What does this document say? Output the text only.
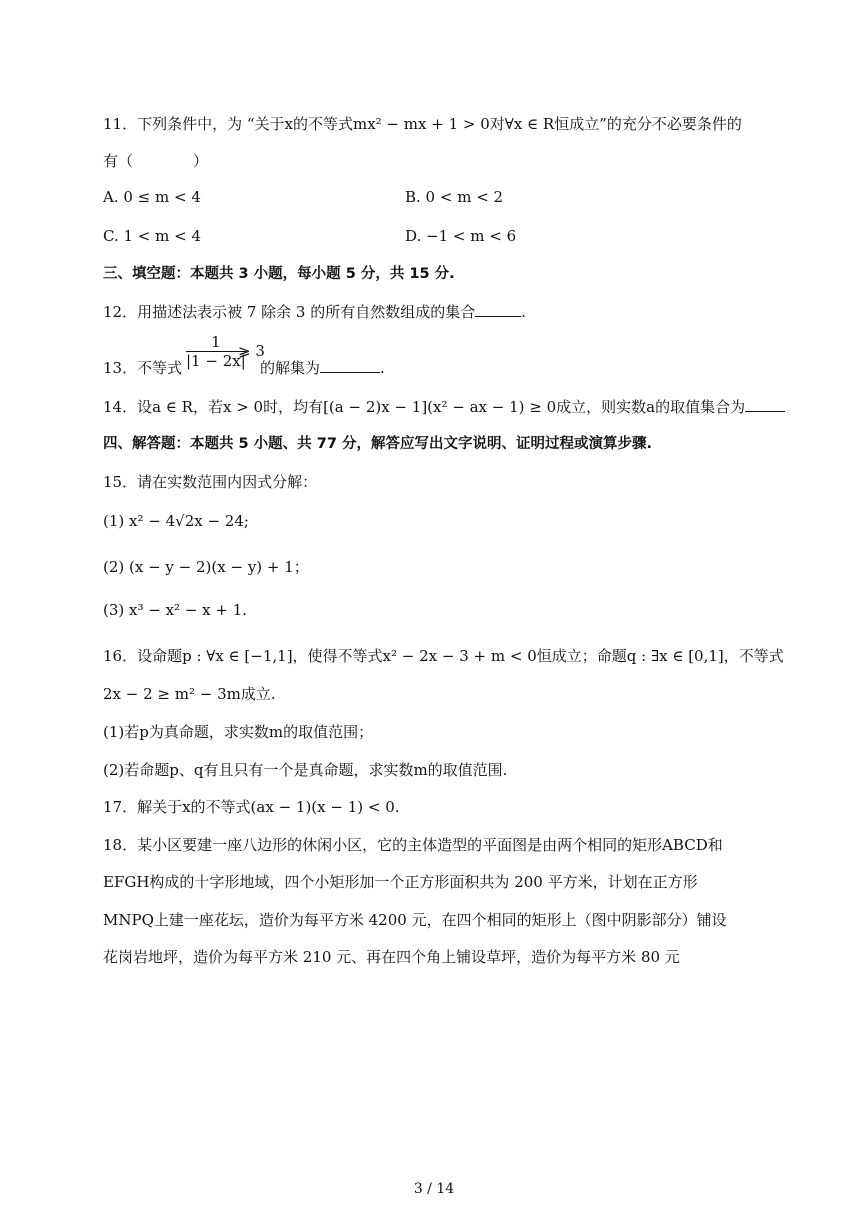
11．下列条件中，为 “关于x的不等式mx² − mx + 1 > 0对∀x ∈ R恒成立”的充分不必要条件的
有（　　　　）
A. 0 ≤ m < 4	B. 0 < m < 2
C. 1 < m < 4	D. −1 < m < 6
三、填空题：本题共 3 小题，每小题 5 分，共 15 分.
12．用描述法表示被 7 除余 3 的所有自然数组成的集合	.
$\frac{1}{|1 - 2x|}$
⩾ 3
13．不等式	的解集为	.
14．设a ∈ R，若x > 0时，均有[(a − 2)x − 1](x² − ax − 1) ≥ 0成立，则实数a的取值集合为
四、解答题：本题共 5 小题、共 77 分，解答应写出文字说明、证明过程或演算步骤.
15．请在实数范围内因式分解：
(1) x² − 4√2x − 24;
(2) (x − y − 2)(x − y) + 1；
(3) x³ − x² − x + 1.
16．设命题p : ∀x ∈ [−1,1]，使得不等式x² − 2x − 3 + m < 0恒成立；命题q : ∃x ∈ [0,1]，不等式
2x − 2 ≥ m² − 3m成立.
(1)若p为真命题，求实数m的取值范围；
(2)若命题p、q有且只有一个是真命题，求实数m的取值范围.
17．解关于x的不等式(ax − 1)(x − 1) < 0.
18．某小区要建一座八边形的休闲小区，它的主体造型的平面图是由两个相同的矩形ABCD和
EFGH构成的十字形地域，四个小矩形加一个正方形面积共为 200 平方米，计划在正方形
MNPQ上建一座花坛，造价为每平方米 4200 元，在四个相同的矩形上（图中阴影部分）铺设
花岗岩地坪，造价为每平方米 210 元、再在四个角上铺设草坪，造价为每平方米 80 元
3 / 14
